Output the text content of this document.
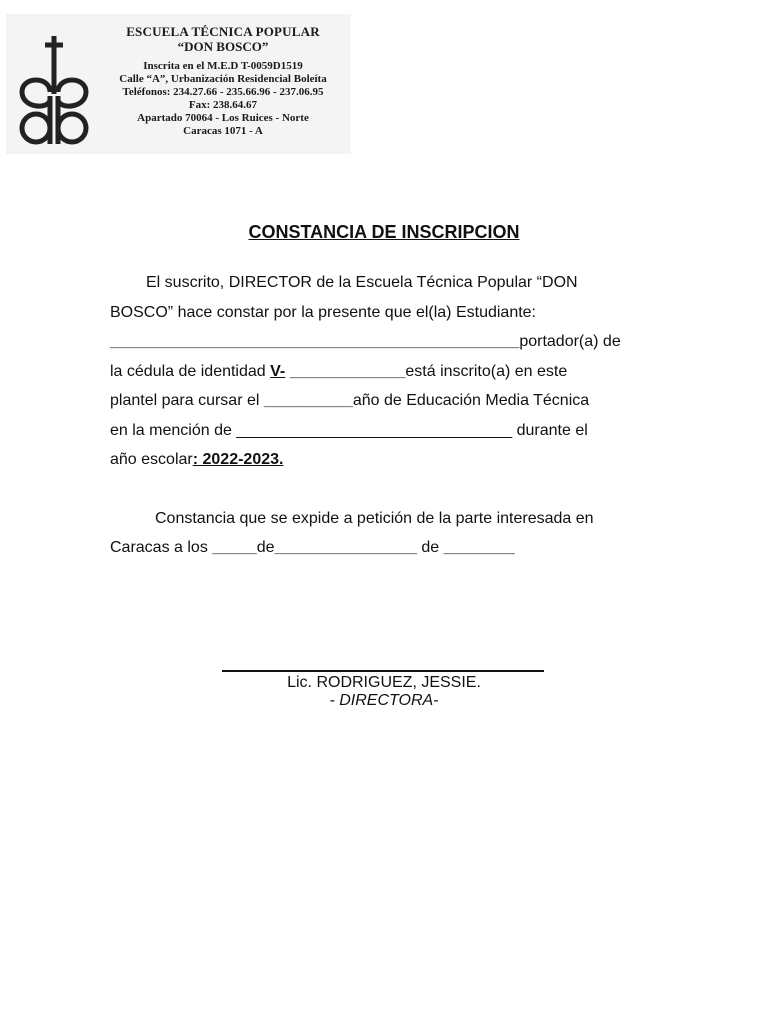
ESCUELA TÉCNICA POPULAR
“DON BOSCO”
Inscrita en el M.E.D T-0059D1519
Calle “A”, Urbanización Residencial Boleíta
Teléfonos: 234.27.66 - 235.66.96 - 237.06.95
Fax: 238.64.67
Apartado 70064 - Los Ruices - Norte
Caracas 1071 - A
CONSTANCIA DE INSCRIPCION

El suscrito, DIRECTOR de la Escuela Técnica Popular “DON

BOSCO” hace constar por la presente que el(la) Estudiante:

______________________________________________portador(a) de

la cédula de identidad V- _____________está inscrito(a) en este

plantel para cursar el __________año de Educación Media Técnica

en la mención de _______________________________ durante el

año escolar: 2022-2023.

Constancia que se expide a petición de la parte interesada en

Caracas a los _____de________________ de ________

Lic. RODRIGUEZ, JESSIE.
- DIRECTORA-
